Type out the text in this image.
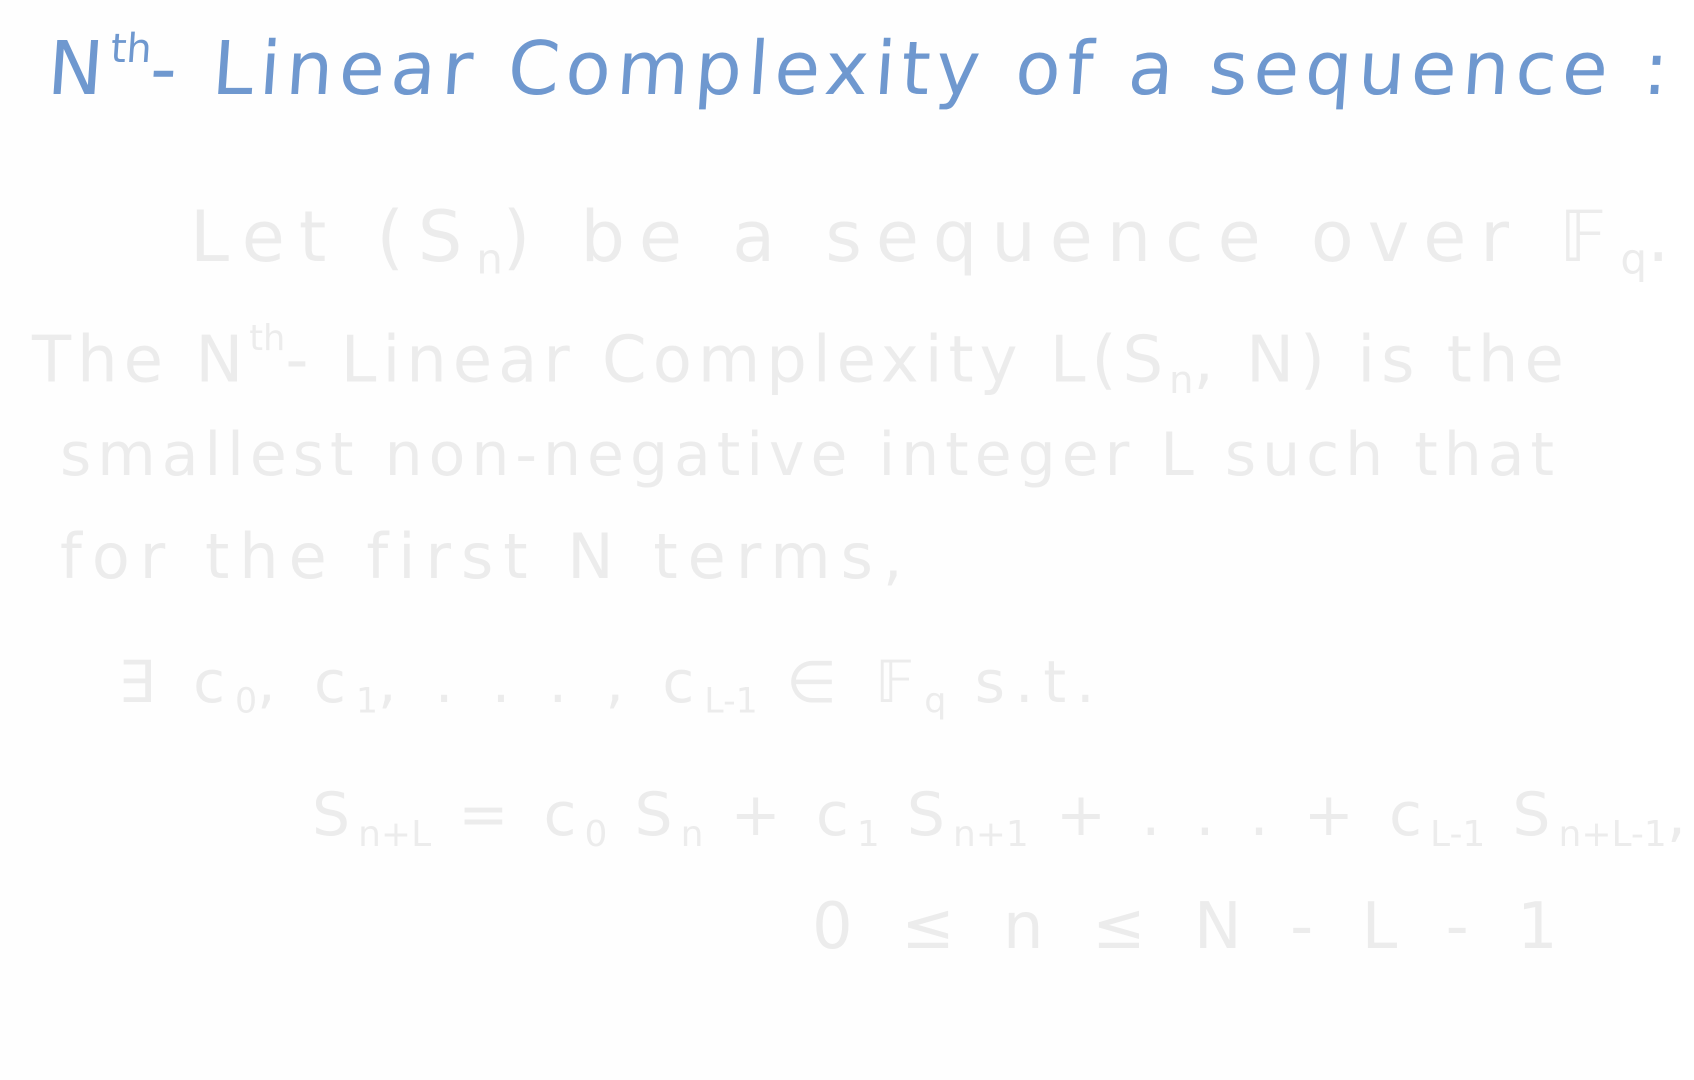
$N^{th}-$ Linear Complexity of a sequence :
Let $(S_n)$ be a sequence over 𝔽$_q$.
The $N^{th}-$ Linear Complexity $L(S_n$, N) is the
smallest non-negative integer L such that
for the first N terms,
∃ $c_0$, $c_1$, . . . , $c_{L-1}$ ∈ 𝔽$_q$ s.t.
$S_{n+L} = c_0$ $S_n + c_1$ $S_{n+1}$ + . . . + $c_{L-1}$ $S_{n+L-1}$,
0 ≤ n ≤ N - L - 1
